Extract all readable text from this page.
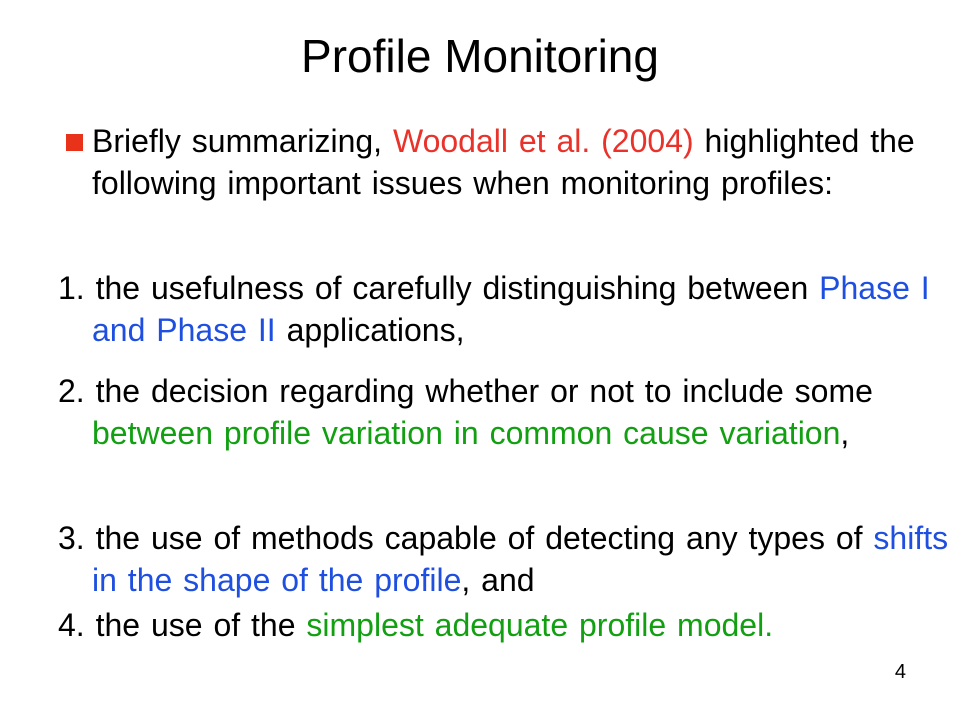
Profile Monitoring

Briefly summarizing, Woodall et al. (2004) highlighted the following important issues when monitoring profiles:

1. the usefulness of carefully distinguishing between Phase I and Phase II applications,

2. the decision regarding whether or not to include some between profile variation in common cause variation,

3. the use of methods capable of detecting any types of shifts in the shape of the profile, and

4. the use of the simplest adequate profile model.

4
